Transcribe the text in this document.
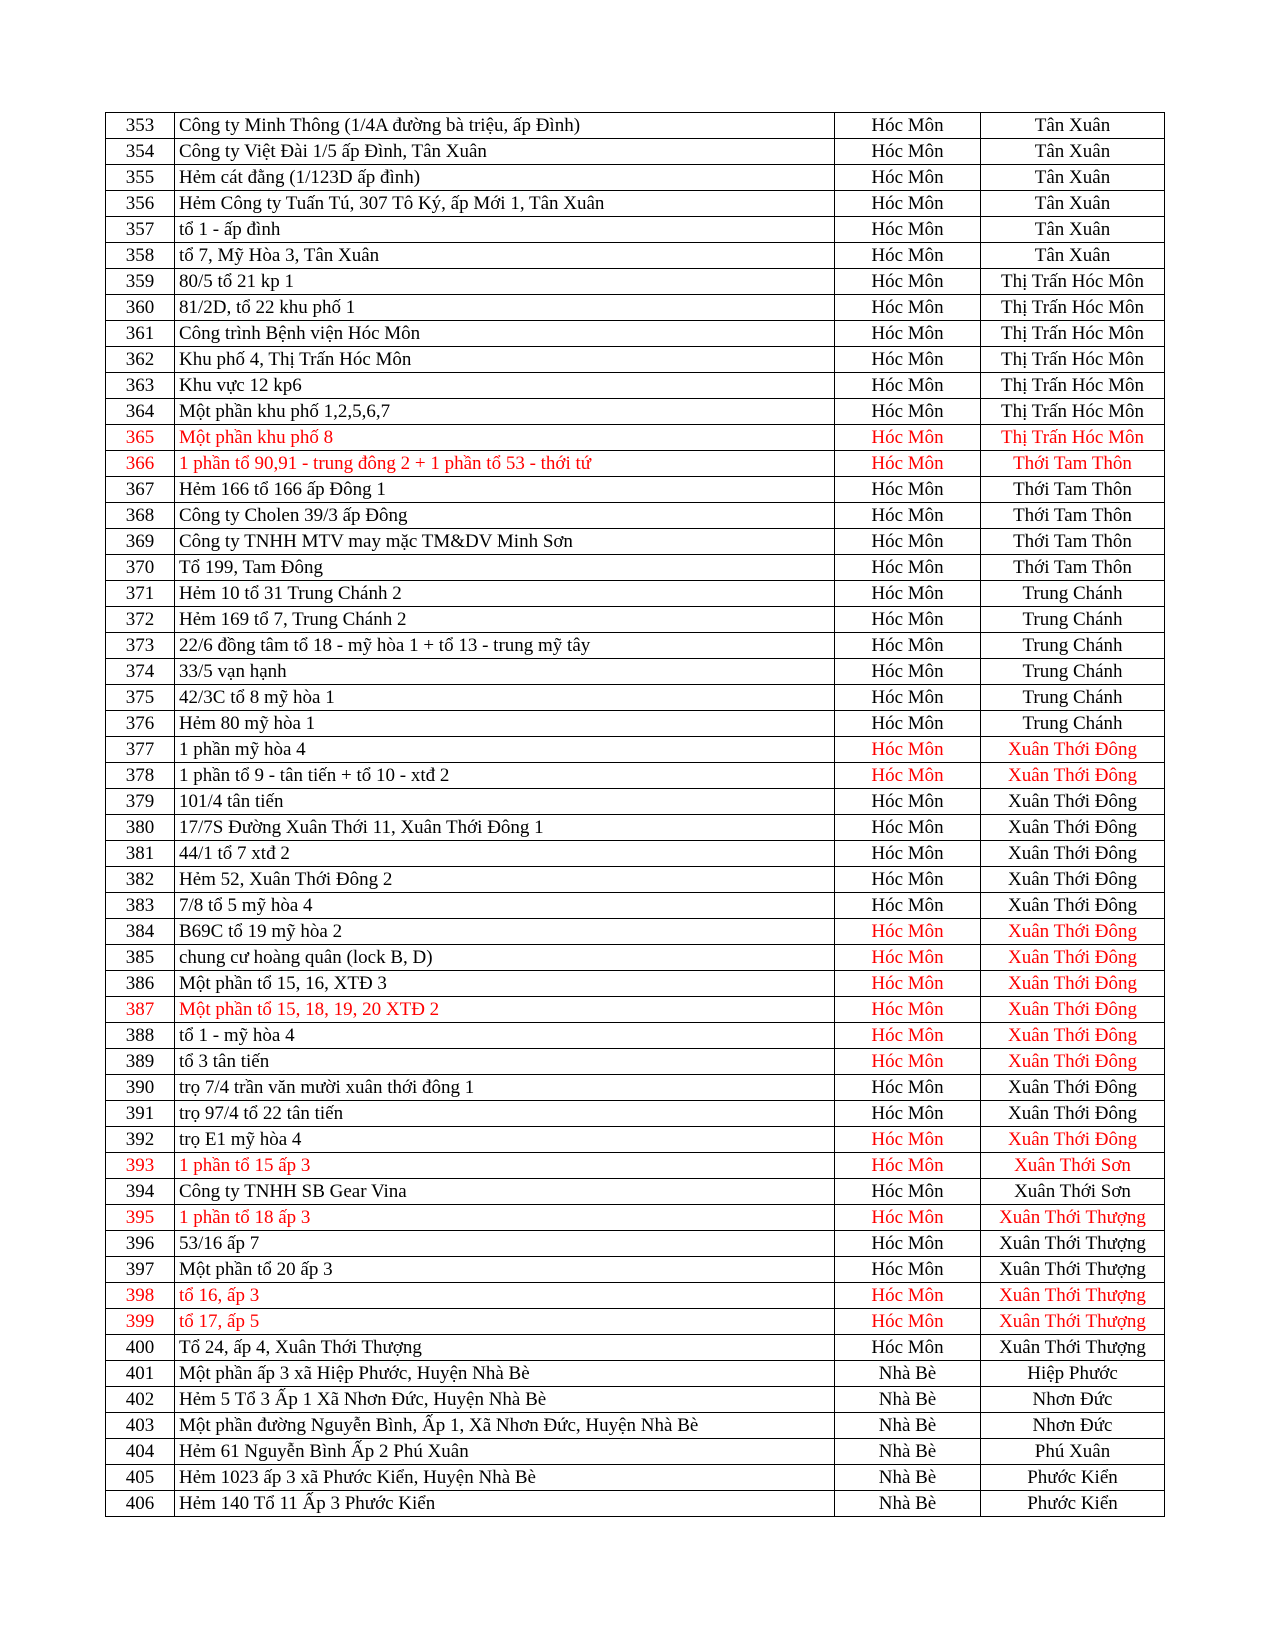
353	Công ty Minh Thông (1/4A đường bà triệu, ấp Đình)	Hóc Môn	Tân Xuân
354	Công ty Việt Đài 1/5 ấp Đình, Tân Xuân	Hóc Môn	Tân Xuân
355	Hẻm cát đằng (1/123D ấp đình)	Hóc Môn	Tân Xuân
356	Hẻm Công ty Tuấn Tú, 307 Tô Ký, ấp Mới 1, Tân Xuân	Hóc Môn	Tân Xuân
357	tổ 1 - ấp đình	Hóc Môn	Tân Xuân
358	tổ 7, Mỹ Hòa 3, Tân Xuân	Hóc Môn	Tân Xuân
359	80/5 tổ 21 kp 1	Hóc Môn	Thị Trấn Hóc Môn
360	81/2D, tổ 22 khu phố 1	Hóc Môn	Thị Trấn Hóc Môn
361	Công trình Bệnh viện Hóc Môn	Hóc Môn	Thị Trấn Hóc Môn
362	Khu phố 4, Thị Trấn Hóc Môn	Hóc Môn	Thị Trấn Hóc Môn
363	Khu vực 12 kp6	Hóc Môn	Thị Trấn Hóc Môn
364	Một phần khu phố 1,2,5,6,7	Hóc Môn	Thị Trấn Hóc Môn
365	Một phần khu phố 8	Hóc Môn	Thị Trấn Hóc Môn
366	1 phần tổ 90,91 - trung đông 2 + 1 phần tổ 53 - thới tứ	Hóc Môn	Thới Tam Thôn
367	Hẻm 166 tổ 166 ấp Đông 1	Hóc Môn	Thới Tam Thôn
368	Công ty Cholen 39/3 ấp Đông	Hóc Môn	Thới Tam Thôn
369	Công ty TNHH MTV may mặc TM&DV Minh Sơn	Hóc Môn	Thới Tam Thôn
370	Tổ 199, Tam Đông	Hóc Môn	Thới Tam Thôn
371	Hẻm 10 tổ 31 Trung Chánh 2	Hóc Môn	Trung Chánh
372	Hẻm 169 tổ 7, Trung Chánh 2	Hóc Môn	Trung Chánh
373	22/6 đồng tâm tổ 18 - mỹ hòa 1 + tổ 13 - trung mỹ tây	Hóc Môn	Trung Chánh
374	33/5 vạn hạnh	Hóc Môn	Trung Chánh
375	42/3C tổ 8 mỹ hòa 1	Hóc Môn	Trung Chánh
376	Hẻm 80 mỹ hòa 1	Hóc Môn	Trung Chánh
377	1 phần mỹ hòa 4	Hóc Môn	Xuân Thới Đông
378	1 phần tổ 9 - tân tiến + tổ 10 - xtđ 2	Hóc Môn	Xuân Thới Đông
379	101/4 tân tiến	Hóc Môn	Xuân Thới Đông
380	17/7S Đường Xuân Thới 11, Xuân Thới Đông 1	Hóc Môn	Xuân Thới Đông
381	44/1 tổ 7 xtđ 2	Hóc Môn	Xuân Thới Đông
382	Hẻm 52, Xuân Thới Đông 2	Hóc Môn	Xuân Thới Đông
383	7/8 tổ 5 mỹ hòa 4	Hóc Môn	Xuân Thới Đông
384	B69C tổ 19 mỹ hòa 2	Hóc Môn	Xuân Thới Đông
385	chung cư hoàng quân (lock B, D)	Hóc Môn	Xuân Thới Đông
386	Một phần tổ 15, 16, XTĐ 3	Hóc Môn	Xuân Thới Đông
387	Một phần tổ 15, 18, 19, 20 XTĐ 2	Hóc Môn	Xuân Thới Đông
388	tổ 1 - mỹ hòa 4	Hóc Môn	Xuân Thới Đông
389	tổ 3 tân tiến	Hóc Môn	Xuân Thới Đông
390	trọ 7/4 trần văn mười xuân thới đông 1	Hóc Môn	Xuân Thới Đông
391	trọ 97/4 tổ 22 tân tiến	Hóc Môn	Xuân Thới Đông
392	trọ E1 mỹ hòa 4	Hóc Môn	Xuân Thới Đông
393	1 phần tổ 15 ấp 3	Hóc Môn	Xuân Thới Sơn
394	Công ty TNHH SB Gear Vina	Hóc Môn	Xuân Thới Sơn
395	1 phần tổ 18 ấp 3	Hóc Môn	Xuân Thới Thượng
396	53/16 ấp 7	Hóc Môn	Xuân Thới Thượng
397	Một phần tổ 20 ấp 3	Hóc Môn	Xuân Thới Thượng
398	tổ 16, ấp 3	Hóc Môn	Xuân Thới Thượng
399	tổ 17, ấp 5	Hóc Môn	Xuân Thới Thượng
400	Tổ 24, ấp 4, Xuân Thới Thượng	Hóc Môn	Xuân Thới Thượng
401	Một phần ấp 3 xã Hiệp Phước, Huyện Nhà Bè	Nhà Bè	Hiệp Phước
402	Hẻm 5 Tổ 3 Ấp 1 Xã Nhơn Đức, Huyện Nhà Bè	Nhà Bè	Nhơn Đức
403	Một phần đường Nguyễn Bình, Ấp 1, Xã Nhơn Đức, Huyện Nhà Bè	Nhà Bè	Nhơn Đức
404	Hẻm 61 Nguyễn Bình Ấp 2 Phú Xuân	Nhà Bè	Phú Xuân
405	Hẻm 1023 ấp 3 xã Phước Kiển, Huyện Nhà Bè	Nhà Bè	Phước Kiển
406	Hẻm 140 Tổ 11 Ấp 3 Phước Kiển	Nhà Bè	Phước Kiển
